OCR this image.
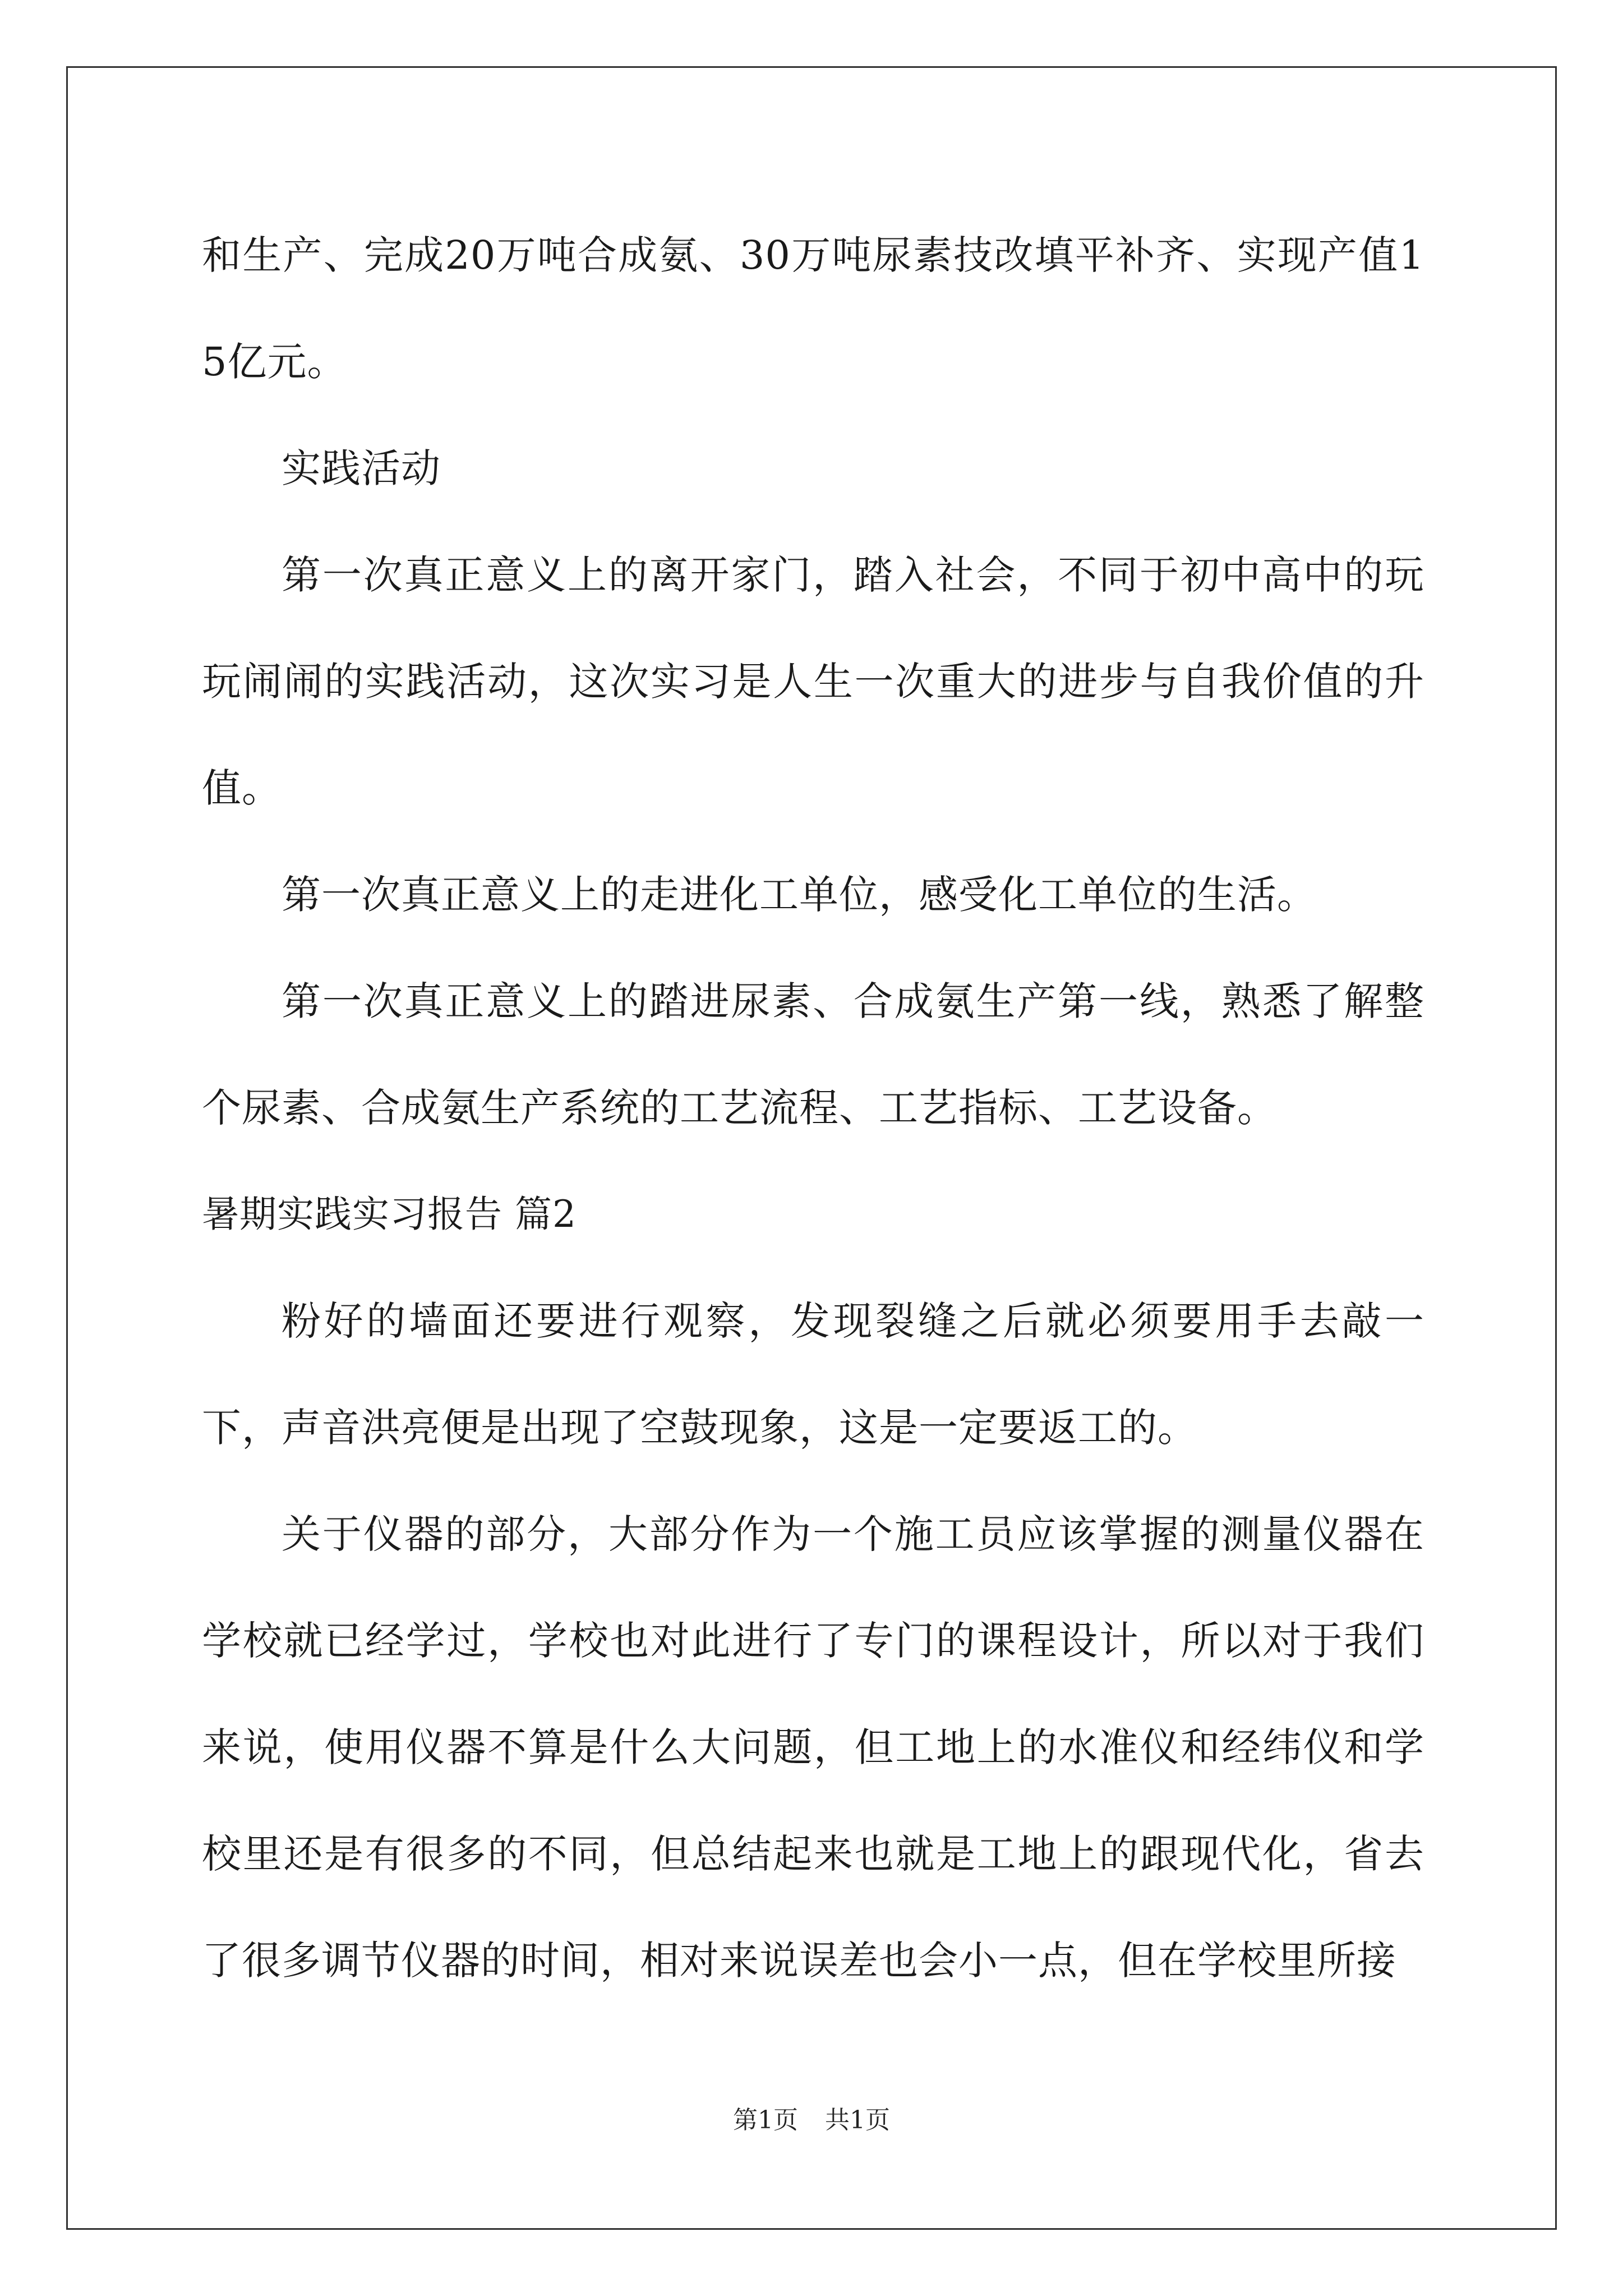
和生产、完成20万吨合成氨、30万吨尿素技改填平补齐、实现产值15亿元。

实践活动

第一次真正意义上的离开家门，踏入社会，不同于初中高中的玩玩闹闹的实践活动，这次实习是人生一次重大的进步与自我价值的升值。

第一次真正意义上的走进化工单位，感受化工单位的生活。

第一次真正意义上的踏进尿素、合成氨生产第一线，熟悉了解整个尿素、合成氨生产系统的工艺流程、工艺指标、工艺设备。

暑期实践实习报告 篇2

粉好的墙面还要进行观察，发现裂缝之后就必须要用手去敲一下，声音洪亮便是出现了空鼓现象，这是一定要返工的。

关于仪器的部分，大部分作为一个施工员应该掌握的测量仪器在学校就已经学过，学校也对此进行了专门的课程设计，所以对于我们来说，使用仪器不算是什么大问题，但工地上的水准仪和经纬仪和学校里还是有很多的不同，但总结起来也就是工地上的跟现代化，省去了很多调节仪器的时间，相对来说误差也会小一点，但在学校里所接

第1页 共1页
